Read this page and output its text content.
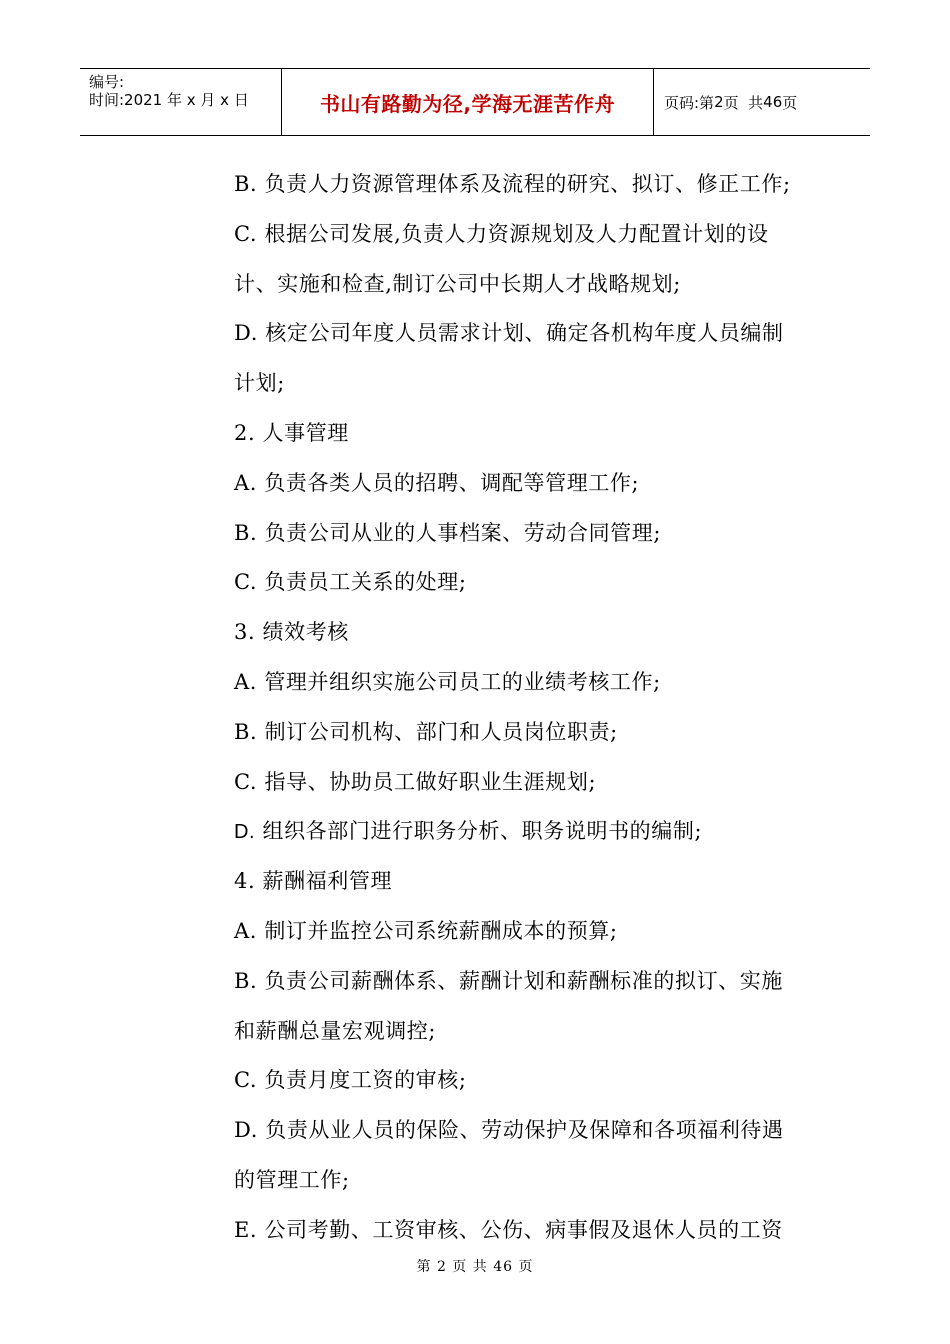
编号:
时间:2021 年 x 月 x 日	书山有路勤为径,学海无涯苦作舟	页码:第 2 页  共 46 页
B. 负责人力资源管理体系及流程的研究、拟订、修正工作;
C. 根据公司发展,负责人力资源规划及人力配置计划的设
计、实施和检查,制订公司中长期人才战略规划;
D. 核定公司年度人员需求计划、确定各机构年度人员编制
计划;
2. 人事管理
A. 负责各类人员的招聘、调配等管理工作;
B. 负责公司从业的人事档案、劳动合同管理;
C. 负责员工关系的处理;
3. 绩效考核
A. 管理并组织实施公司员工的业绩考核工作;
B. 制订公司机构、部门和人员岗位职责;
C. 指导、协助员工做好职业生涯规划;
D. 组织各部门进行职务分析、职务说明书的编制;
4. 薪酬福利管理
A. 制订并监控公司系统薪酬成本的预算;
B. 负责公司薪酬体系、薪酬计划和薪酬标准的拟订、实施
和薪酬总量宏观调控;
C. 负责月度工资的审核;
D. 负责从业人员的保险、劳动保护及保障和各项福利待遇
的管理工作;
E. 公司考勤、工资审核、公伤、病事假及退休人员的工资
第 2 页 共 46 页
